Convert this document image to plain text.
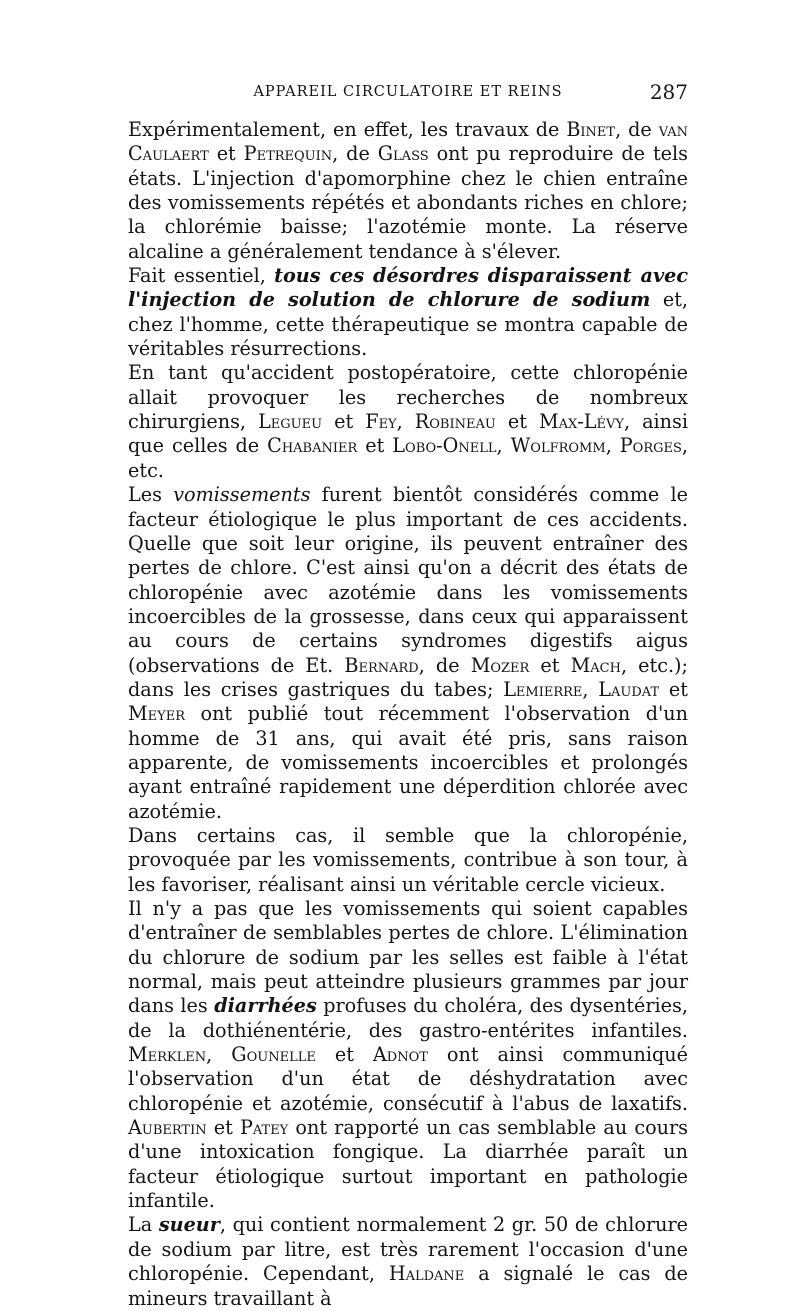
APPAREIL CIRCULATOIRE ET REINS	287

Expérimentalement, en effet, les travaux de Binet, de van Caulaert et Petrequin, de Glass ont pu reproduire de tels états. L'injection d'apomorphine chez le chien entraîne des vomissements répétés et abondants riches en chlore; la chlorémie baisse; l'azotémie monte. La réserve alcaline a généralement tendance à s'élever.

Fait essentiel, tous ces désordres disparaissent avec l'injection de solution de chlorure de sodium et, chez l'homme, cette thérapeutique se montra capable de véritables résurrections.

En tant qu'accident postopératoire, cette chloropénie allait provoquer les recherches de nombreux chirurgiens, Legueu et Fey, Robineau et Max-Lévy, ainsi que celles de Chabanier et Lobo-Onell, Wolfromm, Porges, etc.

Les vomissements furent bientôt considérés comme le facteur étiologique le plus important de ces accidents. Quelle que soit leur origine, ils peuvent entraîner des pertes de chlore. C'est ainsi qu'on a décrit des états de chloropénie avec azotémie dans les vomissements incoercibles de la grossesse, dans ceux qui apparaissent au cours de certains syndromes digestifs aigus (observations de Et. Bernard, de Mozer et Mach, etc.); dans les crises gastriques du tabes; Lemierre, Laudat et Meyer ont publié tout récemment l'observation d'un homme de 31 ans, qui avait été pris, sans raison apparente, de vomissements incoercibles et prolongés ayant entraîné rapidement une déperdition chlorée avec azotémie.

Dans certains cas, il semble que la chloropénie, provoquée par les vomissements, contribue à son tour, à les favoriser, réalisant ainsi un véritable cercle vicieux.

Il n'y a pas que les vomissements qui soient capables d'entraîner de semblables pertes de chlore. L'élimination du chlorure de sodium par les selles est faible à l'état normal, mais peut atteindre plusieurs grammes par jour dans les diarrhées profuses du choléra, des dysentéries, de la dothiénentérie, des gastro-entérites infantiles. Merklen, Gounelle et Adnot ont ainsi communiqué l'observation d'un état de déshydratation avec chloropénie et azotémie, consécutif à l'abus de laxatifs. Aubertin et Patey ont rapporté un cas semblable au cours d'une intoxication fongique. La diarrhée paraît un facteur étiologique surtout important en pathologie infantile.

La sueur, qui contient normalement 2 gr. 50 de chlorure de sodium par litre, est très rarement l'occasion d'une chloropénie. Cependant, Haldane a signalé le cas de mineurs travaillant à
